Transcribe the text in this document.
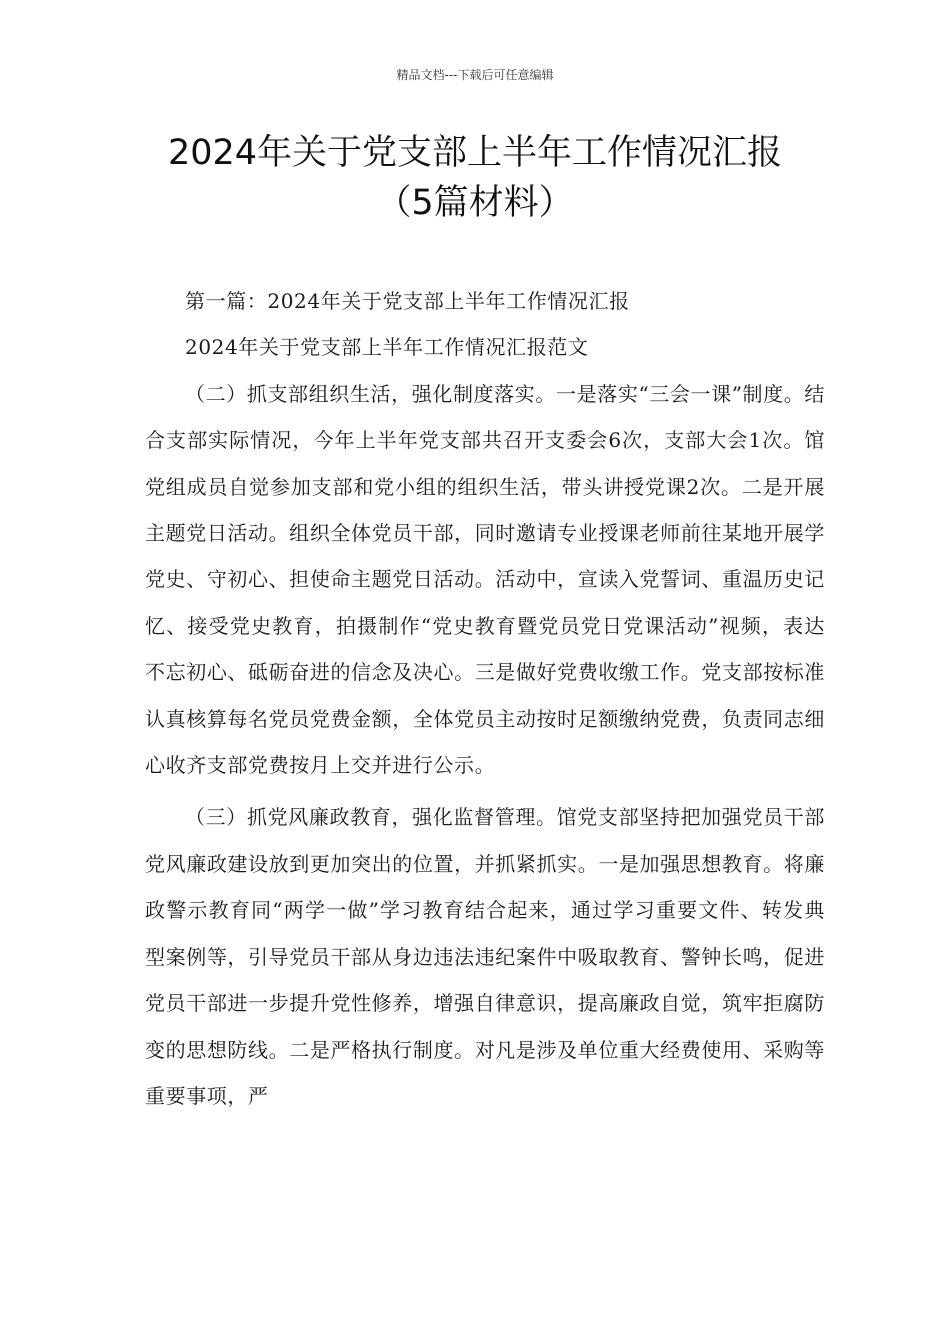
精品文档---下载后可任意编辑
2024年关于党支部上半年工作情况汇报
（5篇材料）

第一篇：2024年关于党支部上半年工作情况汇报

2024年关于党支部上半年工作情况汇报范文

（二）抓支部组织生活，强化制度落实。一是落实“三会一课”制度。结合支部实际情况，今年上半年党支部共召开支委会6次，支部大会1次。馆党组成员自觉参加支部和党小组的组织生活，带头讲授党课2次。二是开展主题党日活动。组织全体党员干部，同时邀请专业授课老师前往某地开展学党史、守初心、担使命主题党日活动。活动中，宣读入党誓词、重温历史记忆、接受党史教育，拍摄制作“党史教育暨党员党日党课活动”视频，表达不忘初心、砥砺奋进的信念及决心。三是做好党费收缴工作。党支部按标准认真核算每名党员党费金额，全体党员主动按时足额缴纳党费，负责同志细心收齐支部党费按月上交并进行公示。

（三）抓党风廉政教育，强化监督管理。馆党支部坚持把加强党员干部党风廉政建设放到更加突出的位置，并抓紧抓实。一是加强思想教育。将廉政警示教育同“两学一做”学习教育结合起来，通过学习重要文件、转发典型案例等，引导党员干部从身边违法违纪案件中吸取教育、警钟长鸣，促进党员干部进一步提升党性修养，增强自律意识，提高廉政自觉，筑牢拒腐防变的思想防线。二是严格执行制度。对凡是涉及单位重大经费使用、采购等重要事项，严
